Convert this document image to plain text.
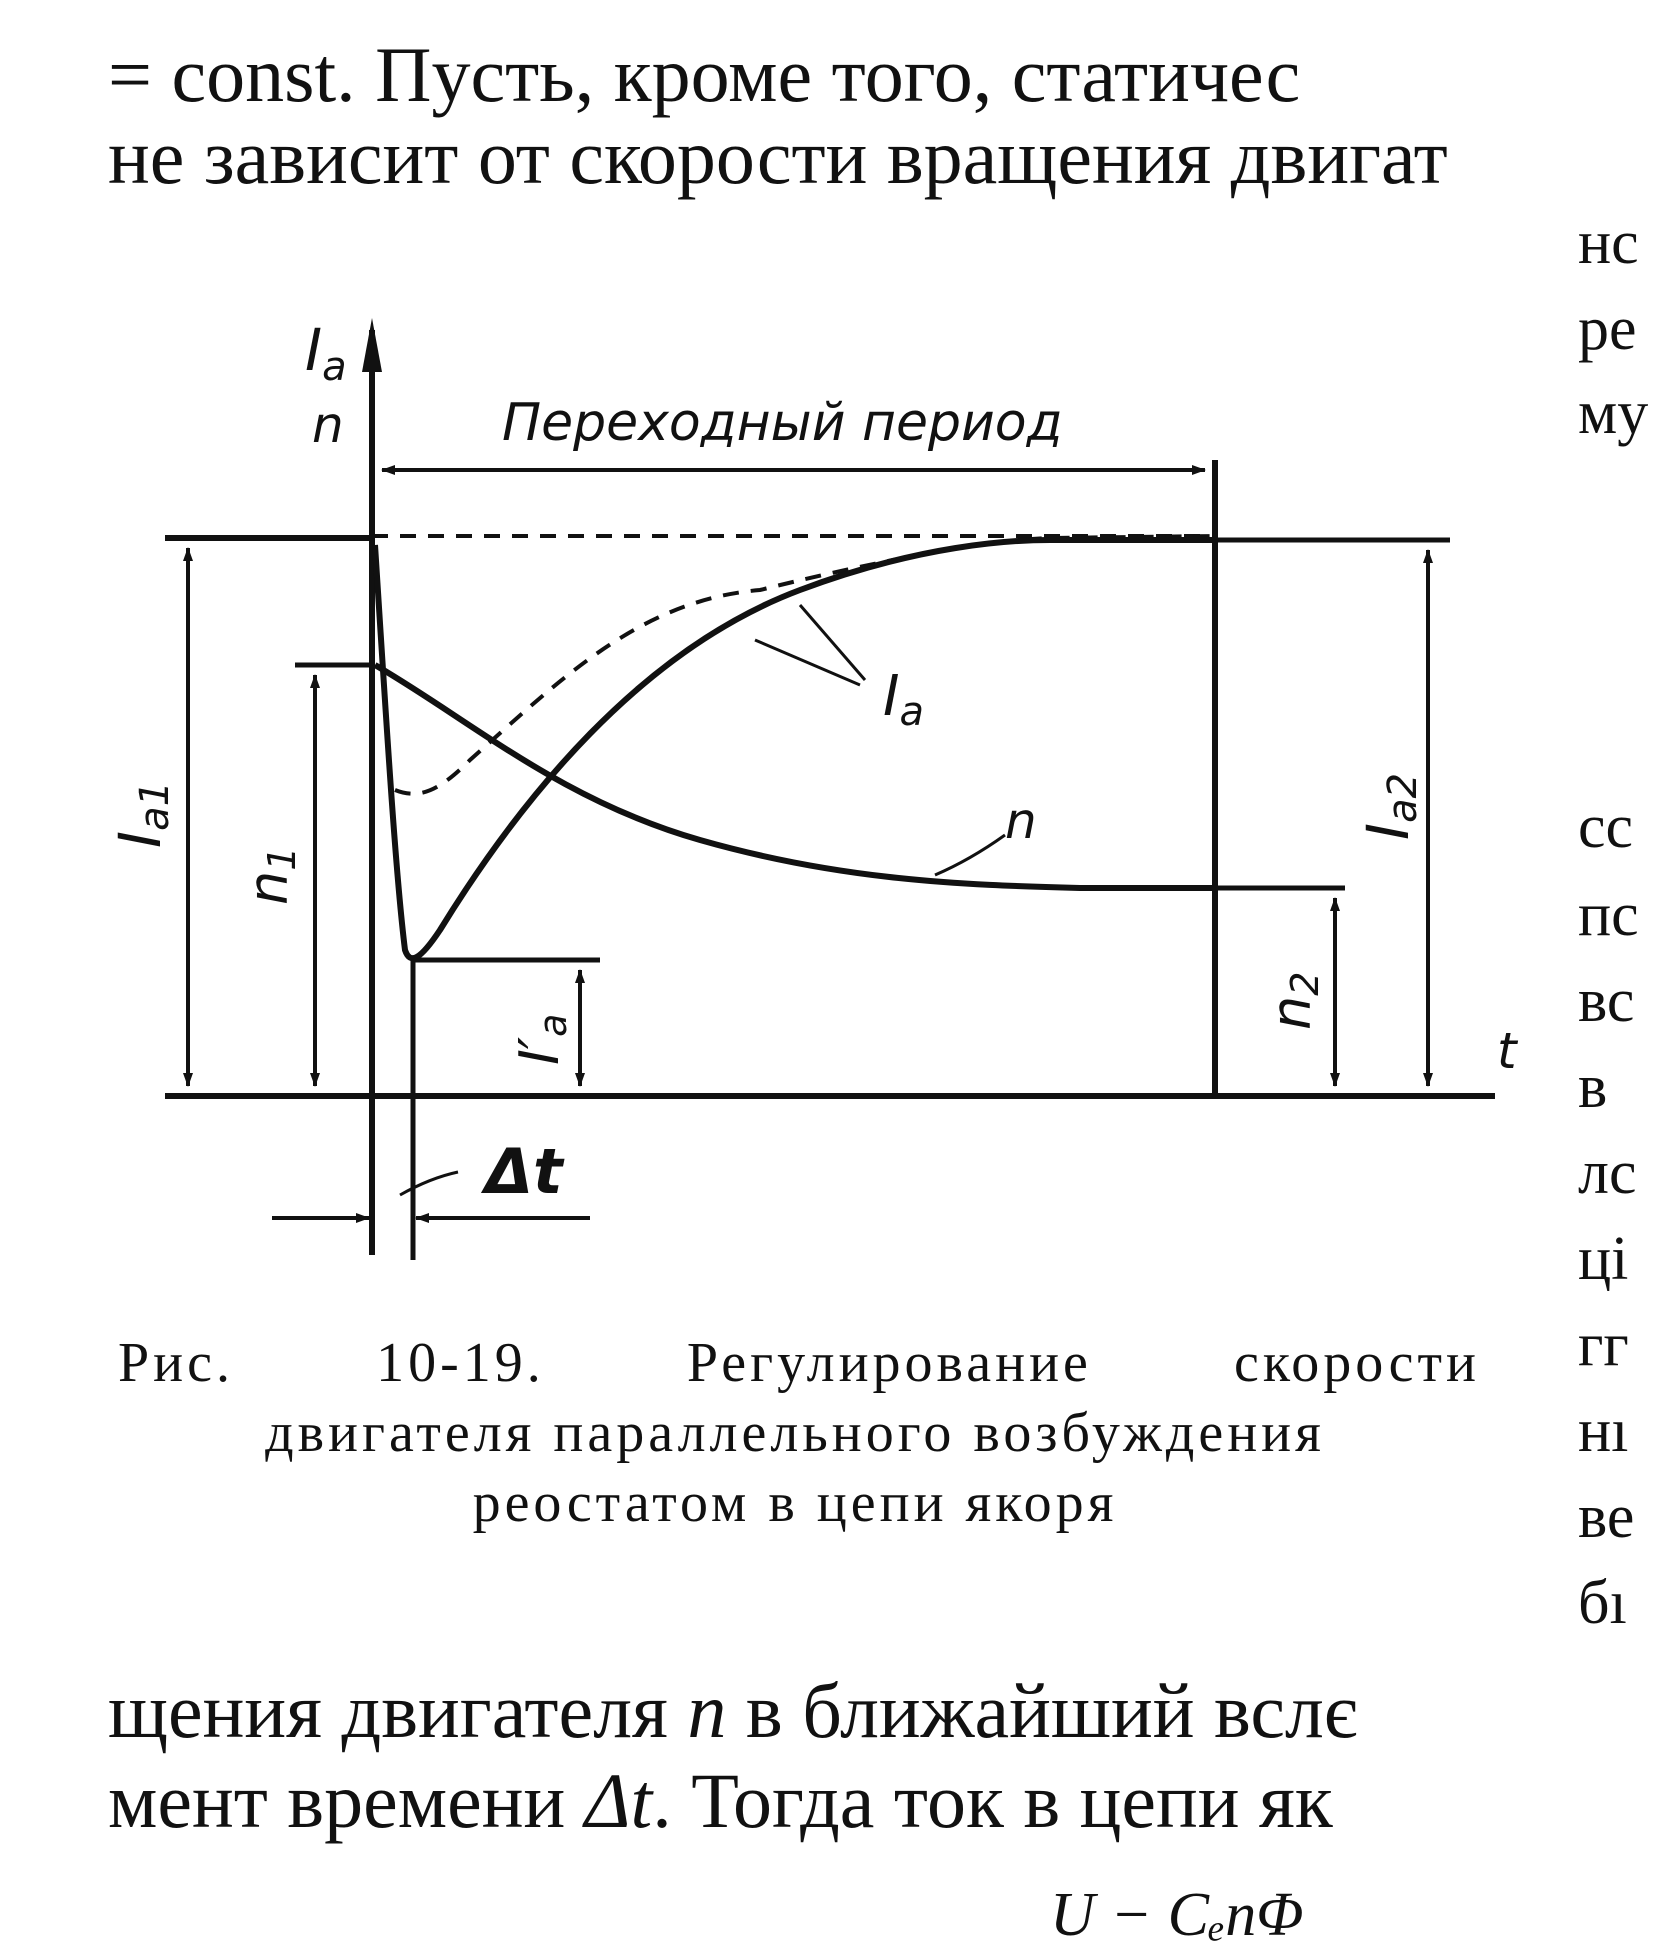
= const. Пусть, кроме того, статичес
не зависит от скорости вращения двигат
нс
ре
му
сс
пс
вс
в
лс
ці
гг
нı
ве
бı
Ia
n	Переходный период
Ia
n
t
Ia1
n1
I′a	n2
Ia2
Δt
Рис.	10-19.	Регулирование	скорости
двигателя параллельного возбуждения
реостатом в цепи якоря
щения двигателя n в ближайший вслє
мент времени Δt. Тогда ток в цепи як
U − CₑnΦ
